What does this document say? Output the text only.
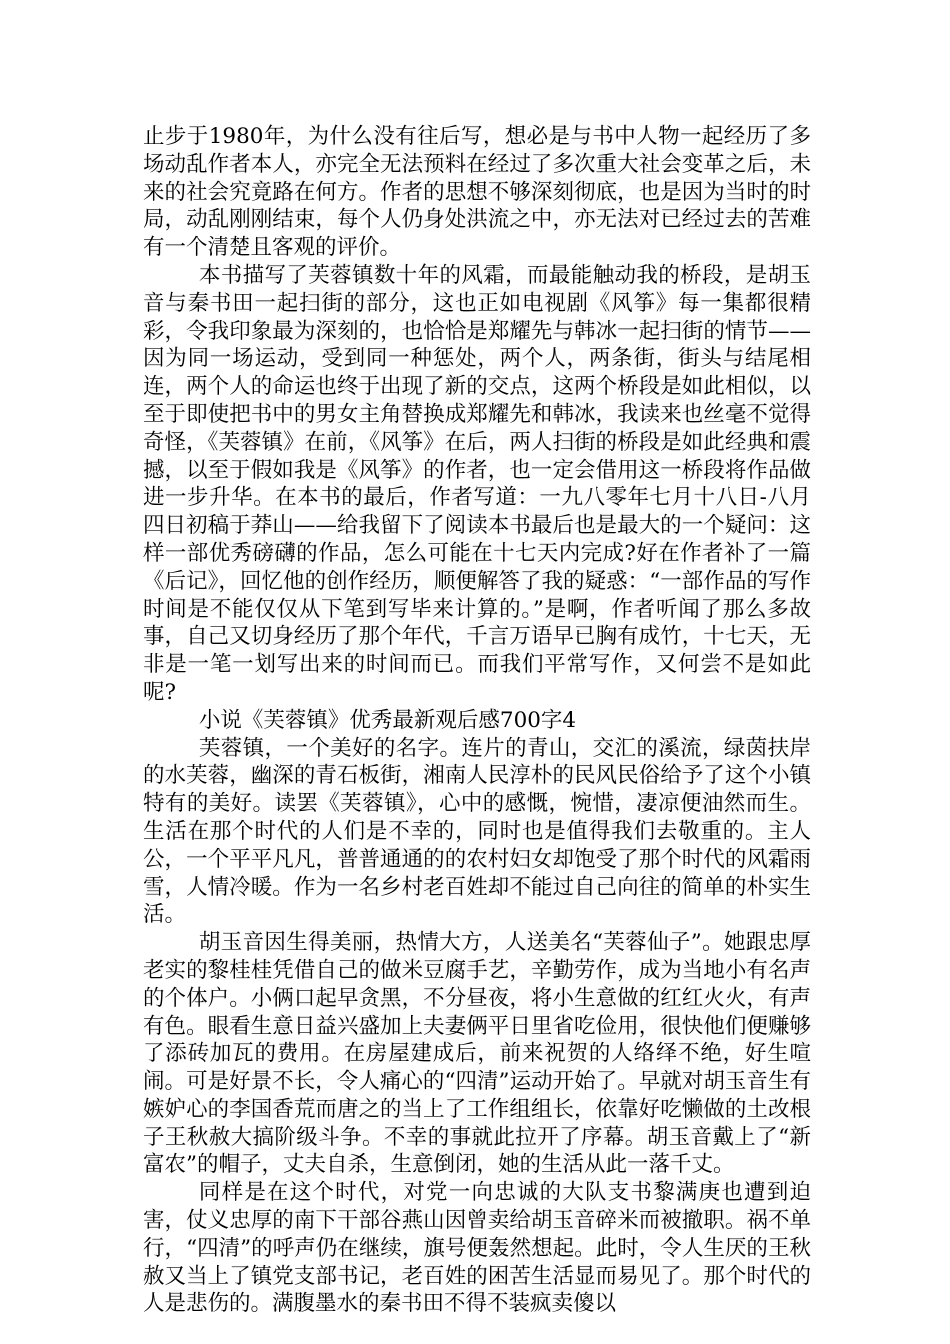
止步于1980年，为什么没有往后写，想必是与书中人物一起经历了多场动乱作者本人，亦完全无法预料在经过了多次重大社会变革之后，未来的社会究竟路在何方。作者的思想不够深刻彻底，也是因为当时的时局，动乱刚刚结束，每个人仍身处洪流之中，亦无法对已经过去的苦难有一个清楚且客观的评价。

本书描写了芙蓉镇数十年的风霜，而最能触动我的桥段，是胡玉音与秦书田一起扫街的部分，这也正如电视剧《风筝》每一集都很精彩，令我印象最为深刻的，也恰恰是郑耀先与韩冰一起扫街的情节——因为同一场运动，受到同一种惩处，两个人，两条街，街头与结尾相连，两个人的命运也终于出现了新的交点，这两个桥段是如此相似，以至于即使把书中的男女主角替换成郑耀先和韩冰，我读来也丝毫不觉得奇怪，《芙蓉镇》在前，《风筝》在后，两人扫街的桥段是如此经典和震撼，以至于假如我是《风筝》的作者，也一定会借用这一桥段将作品做进一步升华。在本书的最后，作者写道：一九八零年七月十八日-八月四日初稿于莽山——给我留下了阅读本书最后也是最大的一个疑问：这样一部优秀磅礴的作品，怎么可能在十七天内完成?好在作者补了一篇《后记》，回忆他的创作经历，顺便解答了我的疑惑：“一部作品的写作时间是不能仅仅从下笔到写毕来计算的。”是啊，作者听闻了那么多故事，自己又切身经历了那个年代，千言万语早已胸有成竹，十七天，无非是一笔一划写出来的时间而已。而我们平常写作，又何尝不是如此呢?

小说《芙蓉镇》优秀最新观后感700字4

芙蓉镇，一个美好的名字。连片的青山，交汇的溪流，绿茵扶岸的水芙蓉，幽深的青石板街，湘南人民淳朴的民风民俗给予了这个小镇特有的美好。读罢《芙蓉镇》，心中的感慨，惋惜，凄凉便油然而生。生活在那个时代的人们是不幸的，同时也是值得我们去敬重的。主人公，一个平平凡凡，普普通通的的农村妇女却饱受了那个时代的风霜雨雪，人情冷暖。作为一名乡村老百姓却不能过自己向往的简单的朴实生活。

胡玉音因生得美丽，热情大方，人送美名“芙蓉仙子”。她跟忠厚老实的黎桂桂凭借自己的做米豆腐手艺，辛勤劳作，成为当地小有名声的个体户。小俩口起早贪黑，不分昼夜，将小生意做的红红火火，有声有色。眼看生意日益兴盛加上夫妻俩平日里省吃俭用，很快他们便赚够了添砖加瓦的费用。在房屋建成后，前来祝贺的人络绎不绝，好生喧闹。可是好景不长，令人痛心的“四清”运动开始了。早就对胡玉音生有嫉妒心的李国香荒而唐之的当上了工作组组长，依靠好吃懒做的土改根子王秋赦大搞阶级斗争。不幸的事就此拉开了序幕。胡玉音戴上了“新富农”的帽子，丈夫自杀，生意倒闭，她的生活从此一落千丈。

同样是在这个时代，对党一向忠诚的大队支书黎满庚也遭到迫害，仗义忠厚的南下干部谷燕山因曾卖给胡玉音碎米而被撤职。祸不单行，“四清”的呼声仍在继续，旗号便轰然想起。此时，令人生厌的王秋赦又当上了镇党支部书记，老百姓的困苦生活显而易见了。那个时代的人是悲伤的。满腹墨水的秦书田不得不装疯卖傻以
